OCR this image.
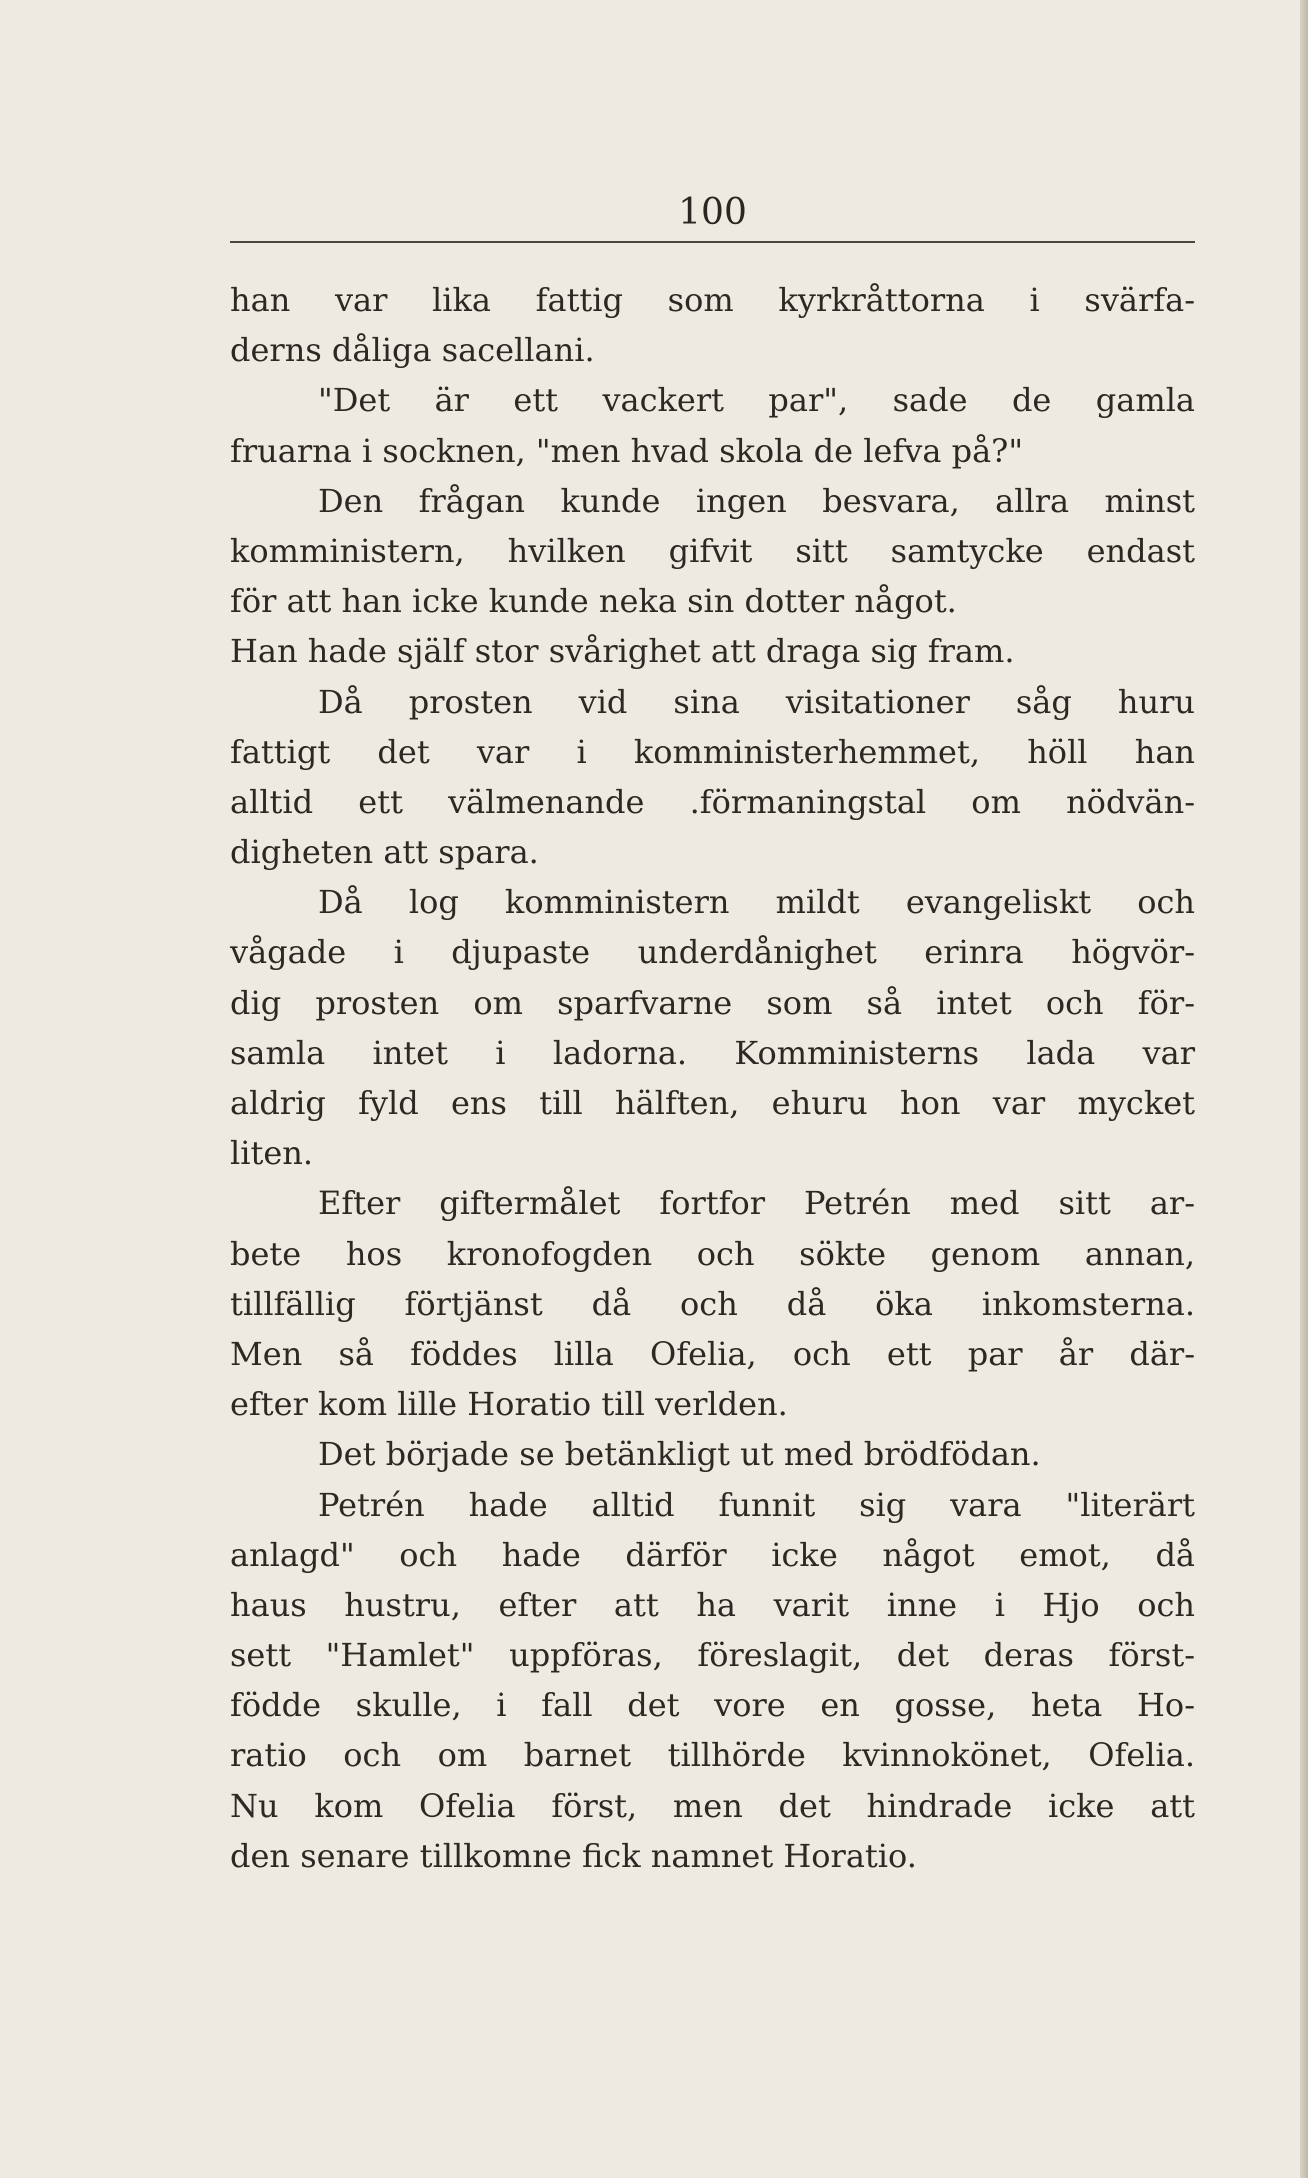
100
han var lika fattig som kyrkråttorna i svärfa-
derns dåliga sacellani.
"Det är ett vackert par", sade de gamla
fruarna i socknen, "men hvad skola de lefva på?"
Den frågan kunde ingen besvara, allra minst
komministern, hvilken gifvit sitt samtycke endast
för att han icke kunde neka sin dotter något.
Han hade själf stor svårighet att draga sig fram.
Då prosten vid sina visitationer såg huru
fattigt det var i komministerhemmet, höll han
alltid ett välmenande .förmaningstal om nödvän-
digheten att spara.
Då log komministern mildt evangeliskt och
vågade i djupaste underdånighet erinra högvör-
dig prosten om sparfvarne som så intet och för-
samla intet i ladorna. Komministerns lada var
aldrig fyld ens till hälften, ehuru hon var mycket
liten.
Efter giftermålet fortfor Petrén med sitt ar-
bete hos kronofogden och sökte genom annan,
tillfällig förtjänst då och då öka inkomsterna.
Men så föddes lilla Ofelia, och ett par år där-
efter kom lille Horatio till verlden.
Det började se betänkligt ut med brödfödan.
Petrén hade alltid funnit sig vara "literärt
anlagd" och hade därför icke något emot, då
haus hustru, efter att ha varit inne i Hjo och
sett "Hamlet" uppföras, föreslagit, det deras först-
födde skulle, i fall det vore en gosse, heta Ho-
ratio och om barnet tillhörde kvinnokönet, Ofelia.
Nu kom Ofelia först, men det hindrade icke att
den senare tillkomne fick namnet Horatio.
